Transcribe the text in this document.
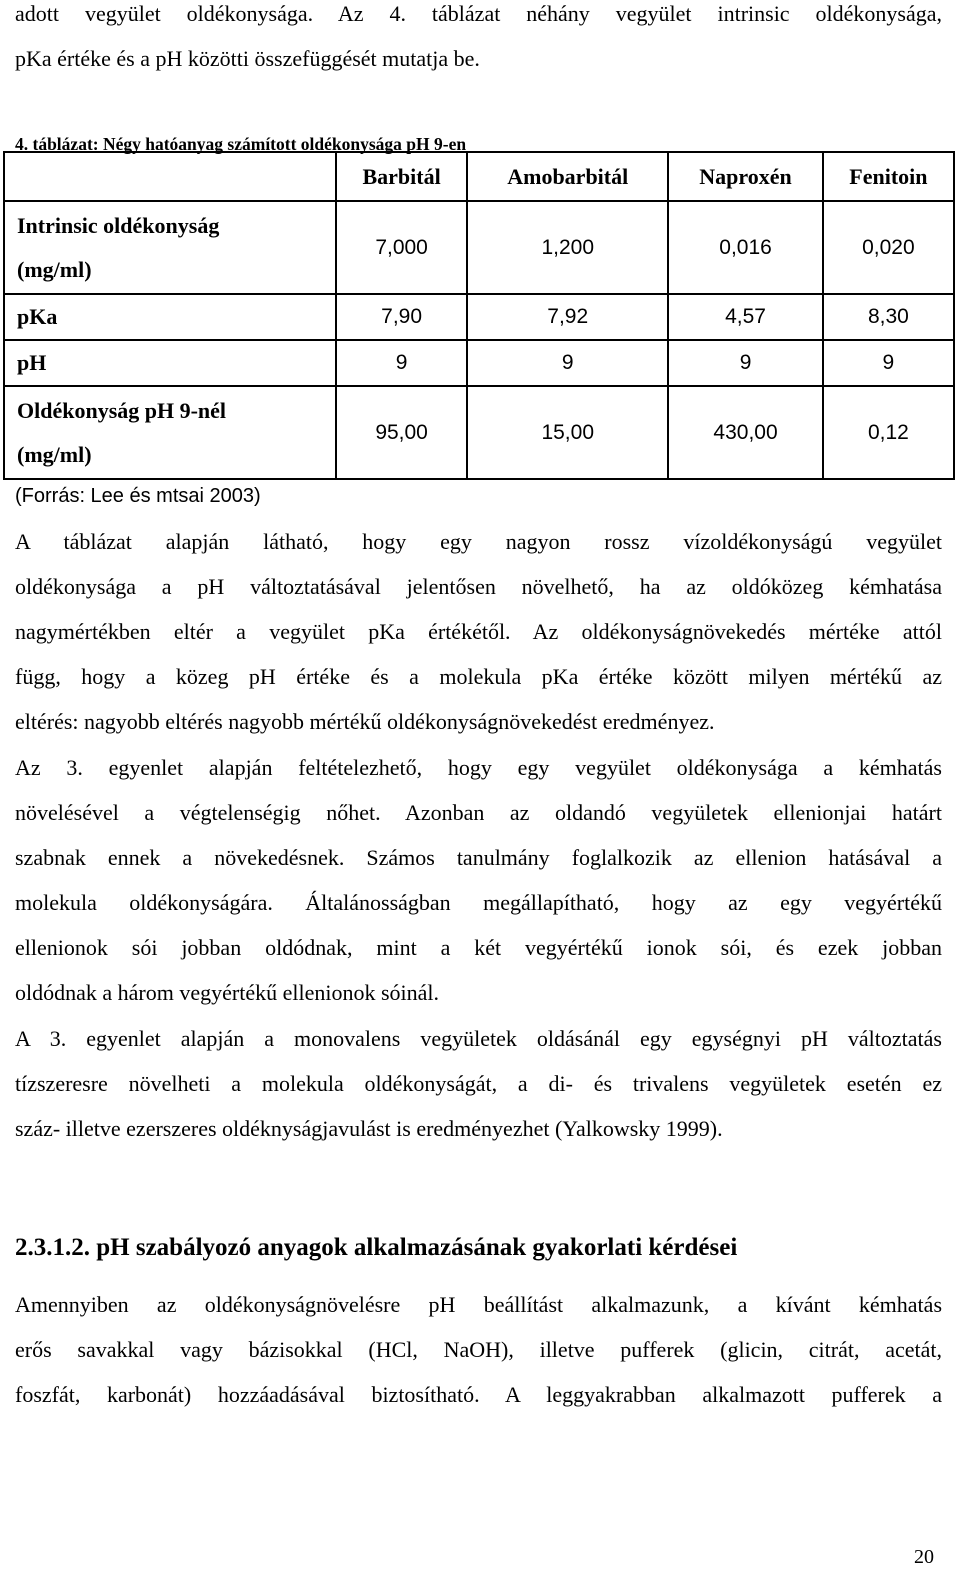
adott vegyület oldékonysága. Az 4. táblázat néhány vegyület intrinsic oldékonysága,
pKa értéke és a pH közötti összefüggését mutatja be.
4. táblázat: Négy hatóanyag számított oldékonysága pH 9-en
	Barbitál	Amobarbitál	Naproxén	Fenitoin

Intrinsic oldékonyság
(mg/ml)	7,000	1,200	0,016	0,020
pKa	7,90	7,92	4,57	8,30
pH	9	9	9	9

Oldékonyság pH 9-nél
(mg/ml)	95,00	15,00	430,00	0,12
(Forrás: Lee és mtsai 2003)
A táblázat alapján látható, hogy egy nagyon rossz vízoldékonyságú vegyület
oldékonysága a pH változtatásával jelentősen növelhető, ha az oldóközeg kémhatása
nagymértékben eltér a vegyület pKa értékétől. Az oldékonyságnövekedés mértéke attól
függ, hogy a közeg pH értéke és a molekula pKa értéke között milyen mértékű az
eltérés: nagyobb eltérés nagyobb mértékű oldékonyságnövekedést eredményez.
Az 3. egyenlet alapján feltételezhető, hogy egy vegyület oldékonysága a kémhatás
növelésével a végtelenségig nőhet. Azonban az oldandó vegyületek ellenionjai határt
szabnak ennek a növekedésnek. Számos tanulmány foglalkozik az ellenion hatásával a
molekula oldékonyságára. Általánosságban megállapítható, hogy az egy vegyértékű
ellenionok sói jobban oldódnak, mint a két vegyértékű ionok sói, és ezek jobban
oldódnak a három vegyértékű ellenionok sóinál.
A 3. egyenlet alapján a monovalens vegyületek oldásánál egy egységnyi pH változtatás
tízszeresre növelheti a molekula oldékonyságát, a di- és trivalens vegyületek esetén ez
száz- illetve ezerszeres oldéknyságjavulást is eredményezhet (Yalkowsky 1999).
2.3.1.2. pH szabályozó anyagok alkalmazásának gyakorlati kérdései
Amennyiben az oldékonyságnövelésre pH beállítást alkalmazunk, a kívánt kémhatás
erős savakkal vagy bázisokkal (HCl, NaOH), illetve pufferek (glicin, citrát, acetát,
foszfát, karbonát) hozzáadásával biztosítható. A leggyakrabban alkalmazott pufferek a
20
